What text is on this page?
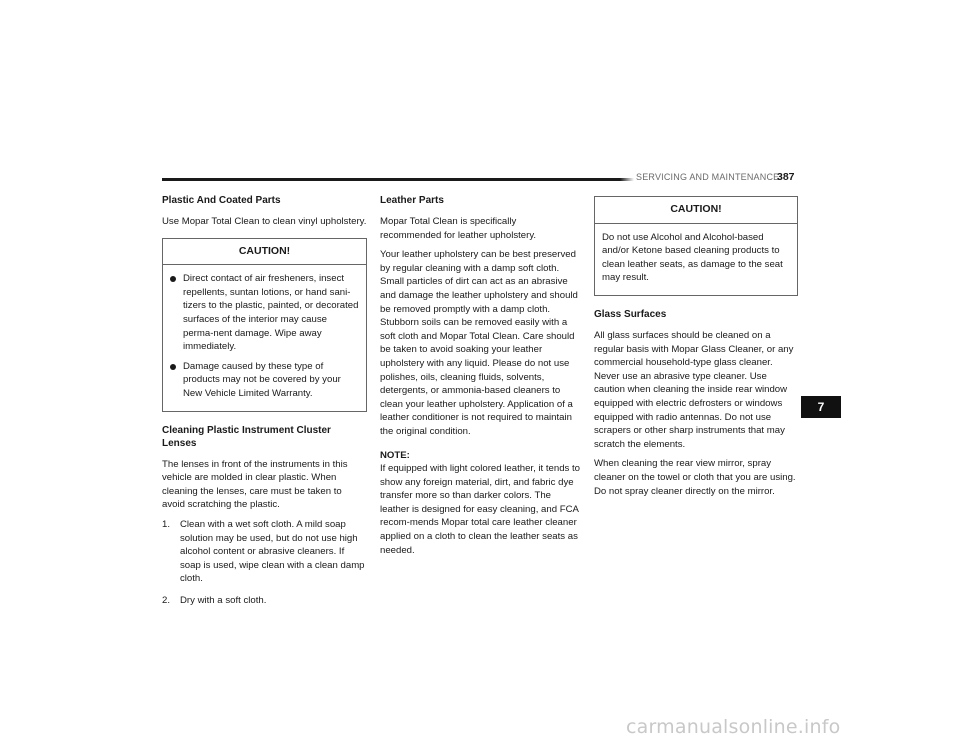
SERVICING AND MAINTENANCE
387
Plastic And Coated Parts

Use Mopar Total Clean to clean vinyl upholstery.

CAUTION!
Direct contact of air fresheners, insect repellents, suntan lotions, or hand sani-tizers to the plastic, painted, or decorated surfaces of the interior may cause perma-nent damage. Wipe away immediately.
Damage caused by these type of products may not be covered by your New Vehicle Limited Warranty.
Cleaning Plastic Instrument Cluster Lenses

The lenses in front of the instruments in this vehicle are molded in clear plastic. When cleaning the lenses, care must be taken to avoid scratching the plastic.

1.	Clean with a wet soft cloth. A mild soap solution may be used, but do not use high alcohol content or abrasive cleaners. If soap is used, wipe clean with a clean damp cloth.
2.	Dry with a soft cloth.
Leather Parts

Mopar Total Clean is specifically recommended for leather upholstery.

Your leather upholstery can be best preserved by regular cleaning with a damp soft cloth. Small particles of dirt can act as an abrasive and damage the leather upholstery and should be removed promptly with a damp cloth. Stubborn soils can be removed easily with a soft cloth and Mopar Total Clean. Care should be taken to avoid soaking your leather upholstery with any liquid. Please do not use polishes, oils, cleaning fluids, solvents, detergents, or ammonia-based cleaners to clean your leather upholstery. Application of a leather conditioner is not required to maintain the original condition.

NOTE:

If equipped with light colored leather, it tends to show any foreign material, dirt, and fabric dye transfer more so than darker colors. The leather is designed for easy cleaning, and FCA recom-mends Mopar total care leather cleaner applied on a cloth to clean the leather seats as needed.

CAUTION!

Do not use Alcohol and Alcohol-based and/or Ketone based cleaning products to clean leather seats, as damage to the seat may result.

Glass Surfaces

All glass surfaces should be cleaned on a regular basis with Mopar Glass Cleaner, or any commercial household-type glass cleaner. Never use an abrasive type cleaner. Use caution when cleaning the inside rear window equipped with electric defrosters or windows equipped with radio antennas. Do not use scrapers or other sharp instruments that may scratch the elements.

When cleaning the rear view mirror, spray cleaner on the towel or cloth that you are using. Do not spray cleaner directly on the mirror.

7
carmanualsonline.info
